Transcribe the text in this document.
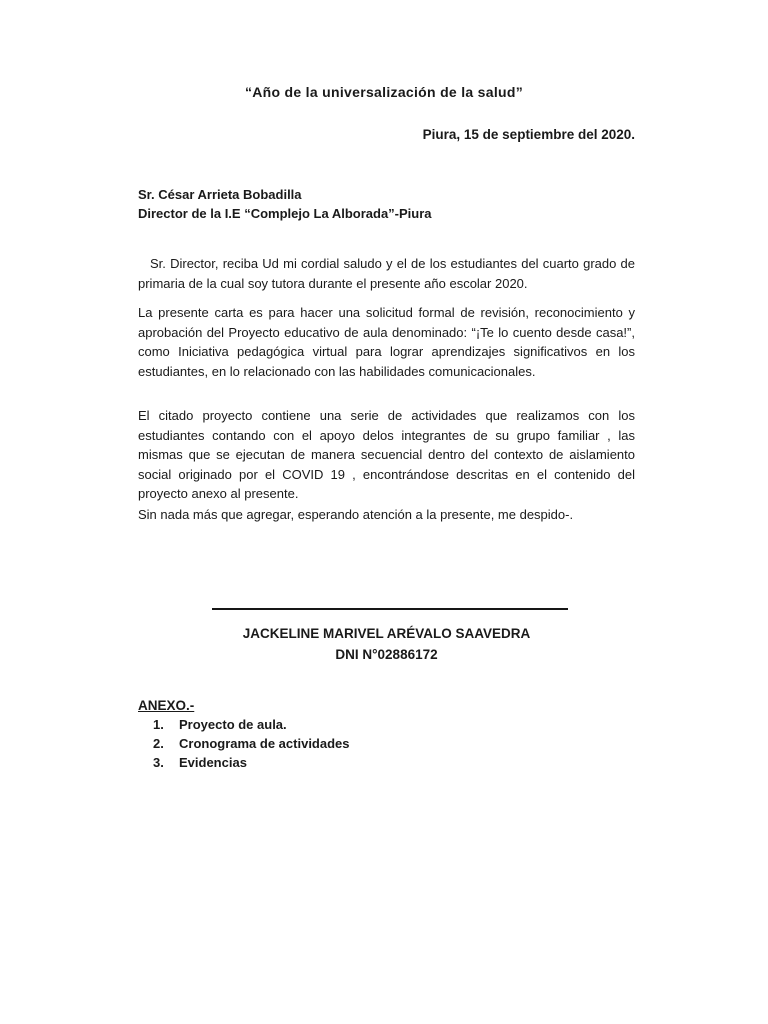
“Año de la universalización de la salud”
Piura, 15 de septiembre del 2020.
Sr. César Arrieta Bobadilla
Director de la I.E “Complejo La Alborada”-Piura

Sr. Director, reciba Ud mi cordial saludo y el de los estudiantes del cuarto grado de primaria de la cual soy tutora durante el presente año escolar 2020.

La presente carta es para hacer una solicitud formal de revisión, reconocimiento y aprobación del Proyecto educativo de aula denominado: “¡Te lo cuento desde casa!”, como Iniciativa pedagógica virtual para lograr aprendizajes significativos en los estudiantes, en lo relacionado con las habilidades comunicacionales.

El citado proyecto contiene una serie de actividades que realizamos con los estudiantes contando con el apoyo delos integrantes de su grupo familiar , las mismas que se ejecutan de manera secuencial dentro del contexto de aislamiento social originado por el COVID 19 , encontrándose descritas en el contenido del proyecto anexo al presente.

Sin nada más que agregar, esperando atención a la presente, me despido-.

JACKELINE MARIVEL ARÉVALO SAAVEDRA
DNI N°02886172
ANEXO.-
1.	Proyecto de aula.
2.	Cronograma de actividades
3.	Evidencias
